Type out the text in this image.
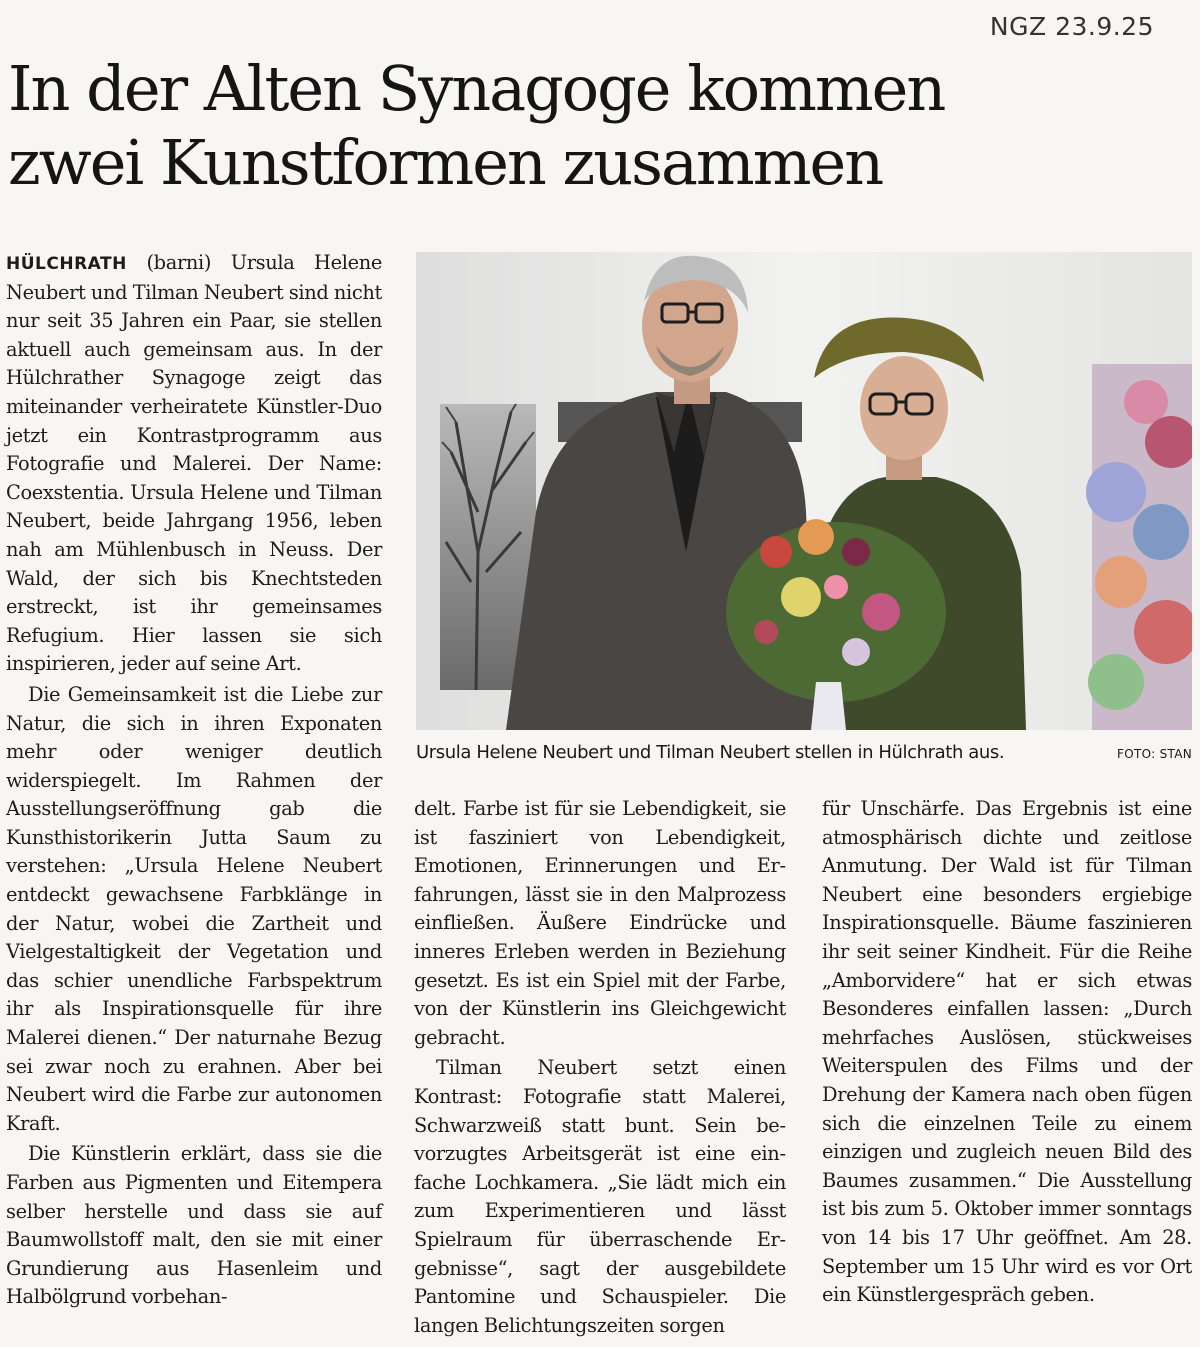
NGZ 23.9.25
In der Alten Synagoge kommen
zwei Kunstformen zusammen

HÜLCHRATH (barni) Ursula Helene Neubert und Tilman Neubert sind nicht nur seit 35 Jahren ein Paar, sie stellen aktuell auch gemeinsam aus. In der Hülchrather Synagoge zeigt das miteinander verheiratete Künstler-Duo jetzt ein Kontrastprogramm aus Fotografie und Malerei. Der Name: Coexstentia. Ursula Helene und Tilman Neubert, beide Jahrgang 1956, leben nah am Mühlenbusch in Neuss. Der Wald, der sich bis Knechtsteden erstreckt, ist ihr gemeinsames Refugium. Hier lassen sie sich inspirieren, jeder auf seine Art.

Die Gemeinsamkeit ist die Liebe zur Natur, die sich in ihren Exponaten mehr oder weniger deutlich widerspiegelt. Im Rahmen der Ausstellungseröffnung gab die Kunsthistorikerin Jutta Saum zu verstehen: „Ursula Helene Neubert entdeckt gewachsene Farbklänge in der Natur, wobei die Zartheit und Vielgestaltigkeit der Vegetation und das schier unendliche Farbspektrum ihr als Inspirationsquelle für ihre Malerei dienen.“ Der naturnahe Bezug sei zwar noch zu erahnen. Aber bei Neubert wird die Farbe zur autonomen Kraft.

Die Künstlerin erklärt, dass sie die Farben aus Pigmenten und Eitempera selber herstelle und dass sie auf Baumwollstoff malt, den sie mit einer Grundierung aus Hasenleim und Halbölgrund vorbehan-

Ursula Helene Neubert und Tilman Neubert stellen in Hülchrath aus.	FOTO: STAN

delt. Farbe ist für sie Lebendigkeit, sie ist fasziniert von Lebendigkeit, Emotionen, Erinnerungen und Erfahrungen, lässt sie in den Malprozess einfließen. Äußere Eindrücke und inneres Erleben werden in Beziehung gesetzt. Es ist ein Spiel mit der Farbe, von der Künstlerin ins Gleichgewicht gebracht.

Tilman Neubert setzt einen Kontrast: Fotografie statt Malerei, Schwarzweiß statt bunt. Sein bevorzugtes Arbeitsgerät ist eine einfache Lochkamera. „Sie lädt mich ein zum Experimentieren und lässt Spielraum für überraschende Ergebnisse“, sagt der ausgebildete Pantomine und Schauspieler. Die langen Belichtungszeiten sorgen

für Unschärfe. Das Ergebnis ist eine atmosphärisch dichte und zeitlose Anmutung. Der Wald ist für Tilman Neubert eine besonders ergiebige Inspirationsquelle. Bäume faszinieren ihr seit seiner Kindheit. Für die Reihe „Amborvidere“ hat er sich etwas Besonderes einfallen lassen: „Durch mehrfaches Auslösen, stückweises Weiterspulen des Films und der Drehung der Kamera nach oben fügen sich die einzelnen Teile zu einem einzigen und zugleich neuen Bild des Baumes zusammen.“ Die Ausstellung ist bis zum 5. Oktober immer sonntags von 14 bis 17 Uhr geöffnet. Am 28. September um 15 Uhr wird es vor Ort ein Künstlergespräch geben.
